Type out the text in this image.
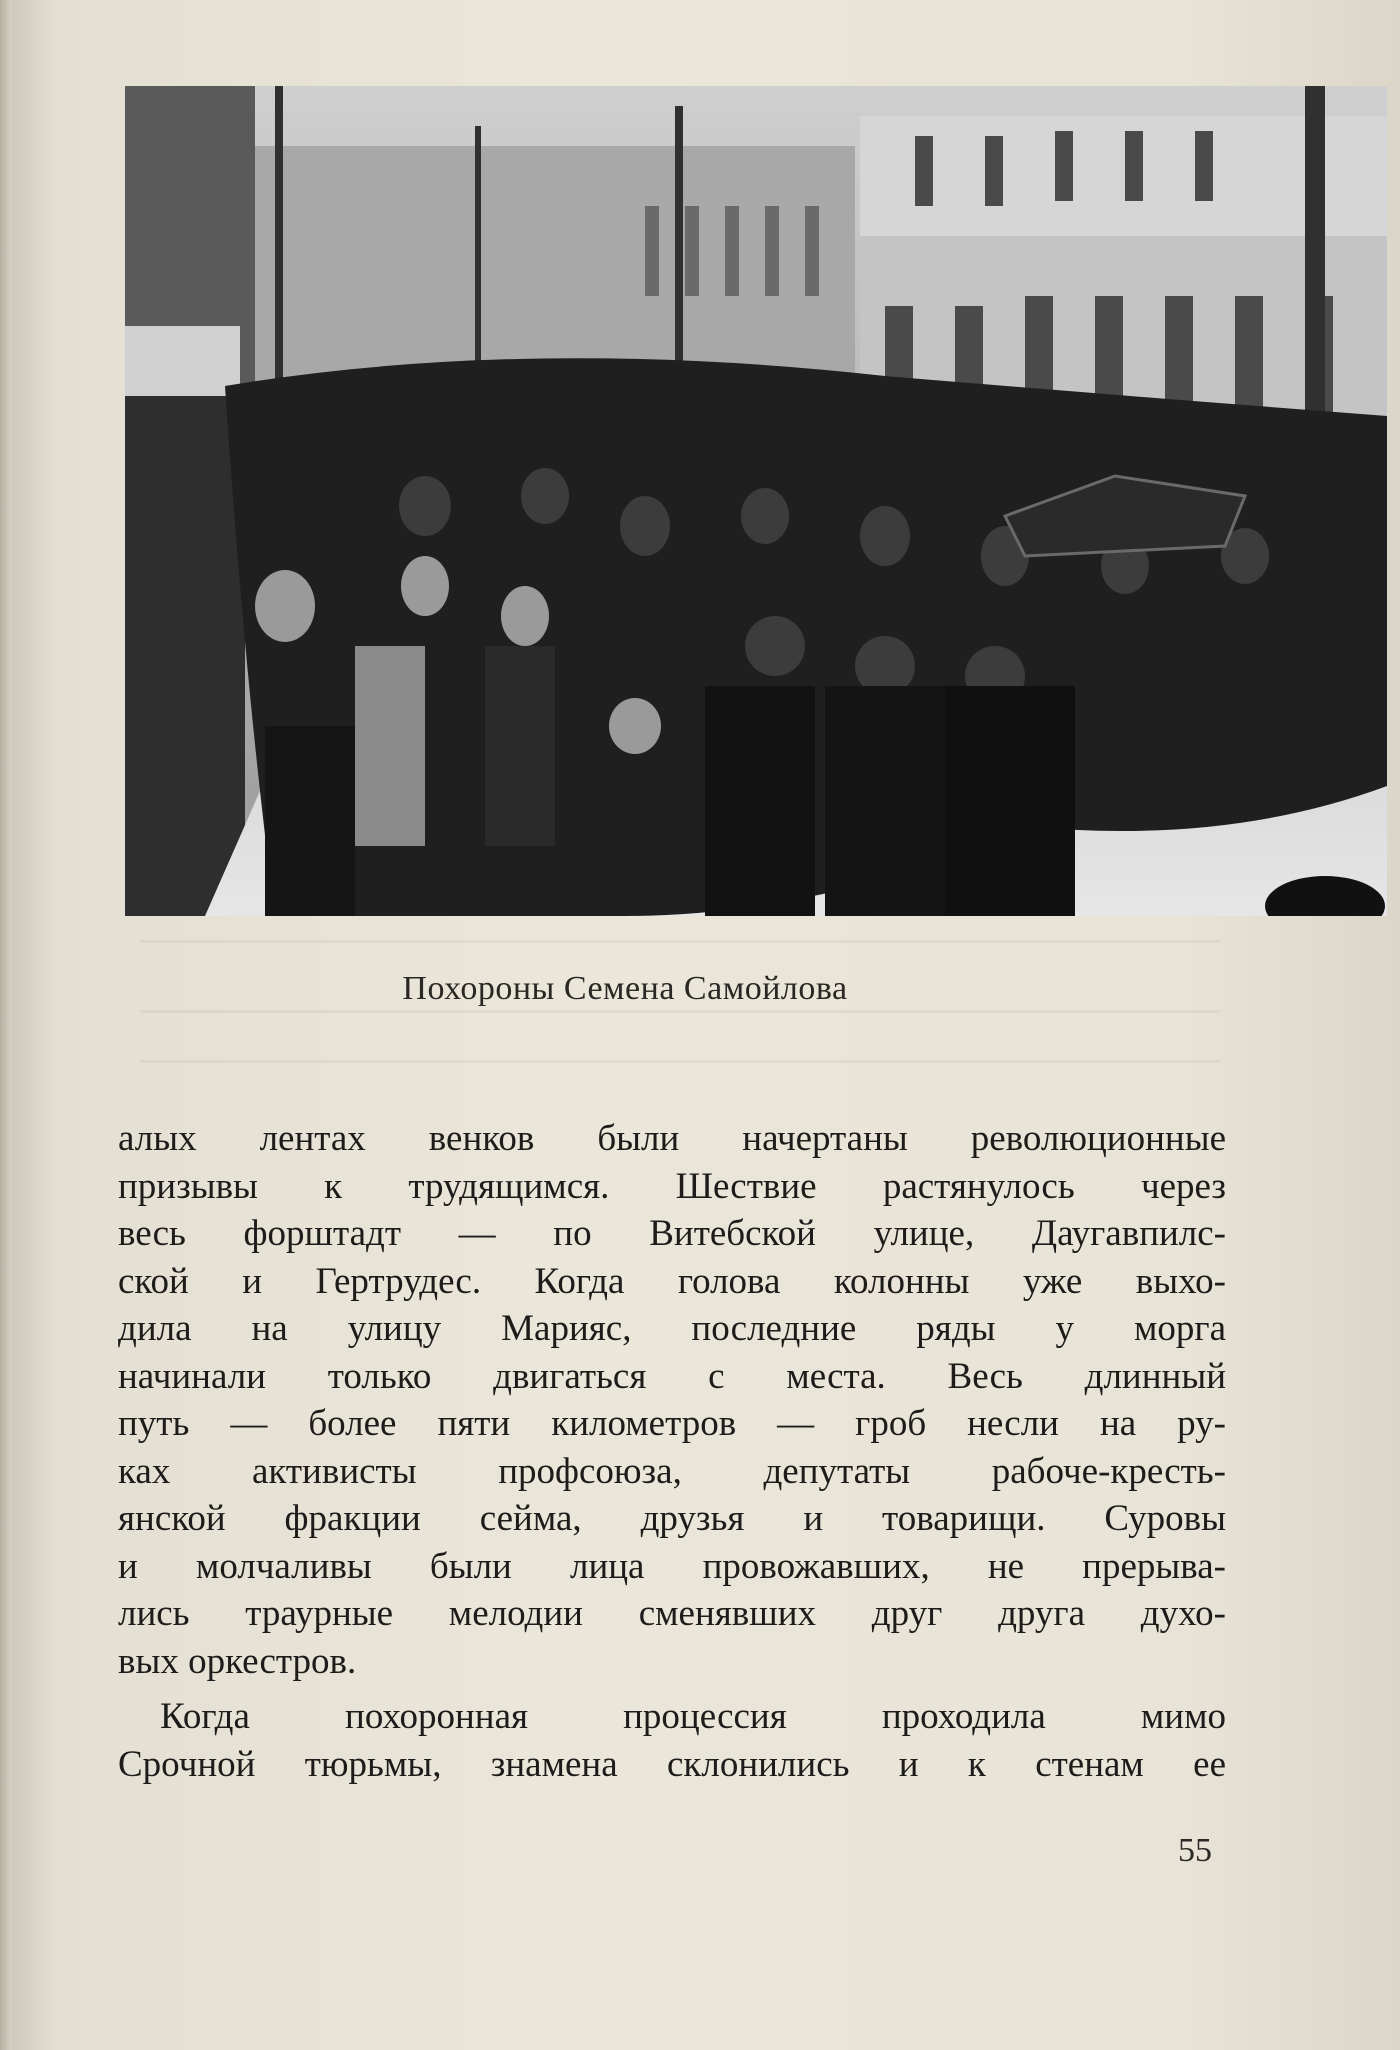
Похороны Семена Самойлова
алых лентах венков были начертаны революционные
призывы к трудящимся. Шествие растянулось через
весь форштадт — по Витебской улице, Даугавпилс-
ской и Гертрудес. Когда голова колонны уже выхо-
дила на улицу Марияс, последние ряды у морга
начинали только двигаться с места. Весь длинный
путь — более пяти километров — гроб несли на ру-
ках активисты профсоюза, депутаты рабоче-кресть-
янской фракции сейма, друзья и товарищи. Суровы
и молчаливы были лица провожавших, не прерыва-
лись траурные мелодии сменявших друг друга духо-
вых оркестров.
Когда похоронная процессия проходила мимо
Срочной тюрьмы, знамена склонились и к стенам ее
55
